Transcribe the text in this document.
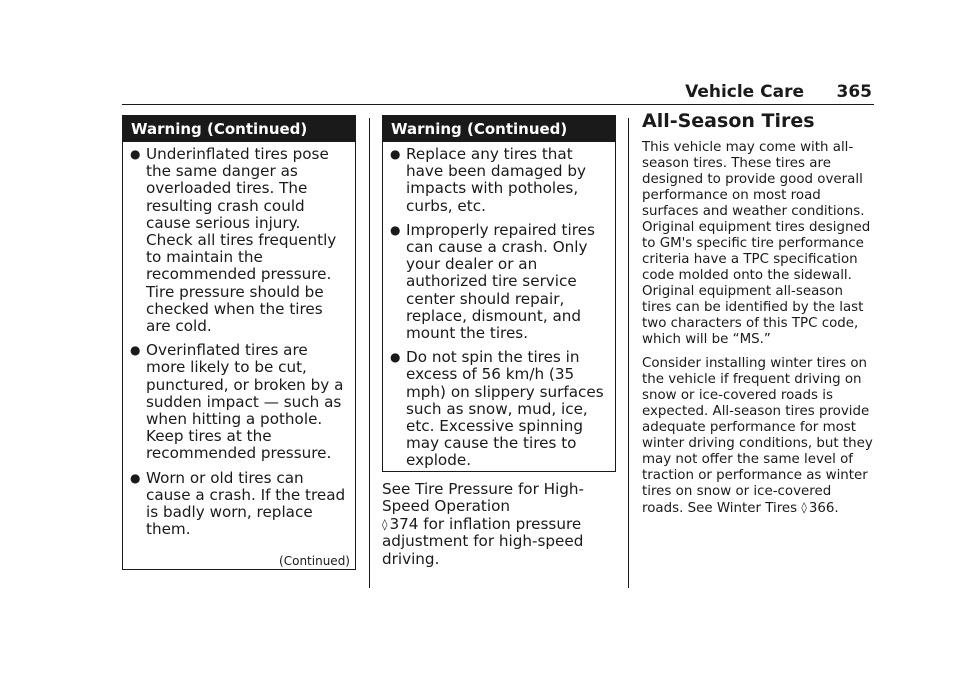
Vehicle Care 365
Warning (Continued)
● Underinflated tires pose the same danger as overloaded tires. The resulting crash could cause serious injury. Check all tires frequently to maintain the recommended pressure. Tire pressure should be checked when the tires are cold.
● Overinflated tires are more likely to be cut, punctured, or broken by a sudden impact — such as when hitting a pothole. Keep tires at the recommended pressure.
● Worn or old tires can cause a crash. If the tread is badly worn, replace them.
(Continued)
Warning (Continued)
● Replace any tires that have been damaged by impacts with potholes, curbs, etc.
● Improperly repaired tires can cause a crash. Only your dealer or an authorized tire service center should repair, replace, dismount, and mount the tires.
● Do not spin the tires in excess of 56 km/h (35 mph) on slippery surfaces such as snow, mud, ice, etc. Excessive spinning may cause the tires to explode.

See Tire Pressure for High-Speed Operation
◊ 374 for inflation pressure adjustment for high-speed driving.

All-Season Tires

This vehicle may come with all-season tires. These tires are designed to provide good overall performance on most road surfaces and weather conditions. Original equipment tires designed to GM's specific tire performance criteria have a TPC specification code molded onto the sidewall. Original equipment all-season tires can be identified by the last two characters of this TPC code, which will be “MS.”

Consider installing winter tires on the vehicle if frequent driving on snow or ice-covered roads is expected. All-season tires provide adequate performance for most winter driving conditions, but they may not offer the same level of traction or performance as winter tires on snow or ice-covered roads. See Winter Tires ◊ 366.
